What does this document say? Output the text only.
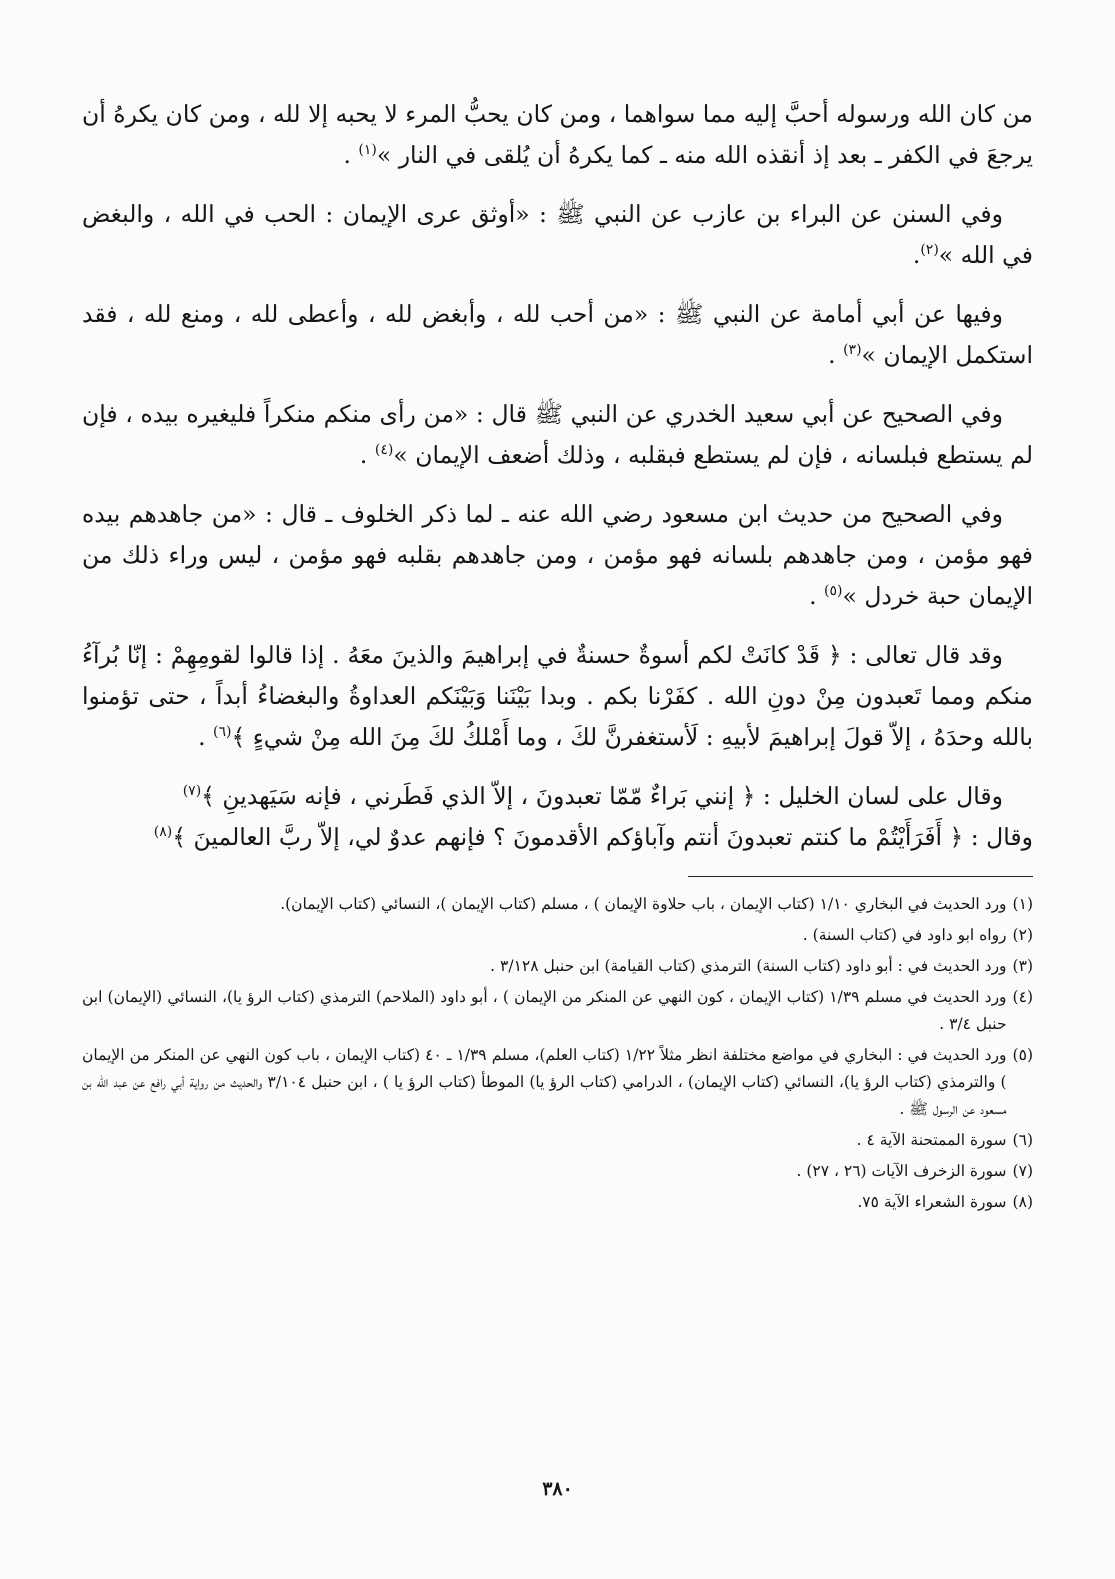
من كان الله ورسوله أحبَّ إليه مما سواهما ، ومن كان يحبُّ المرء لا يحبه إلا لله ، ومن كان يكرهُ أن يرجعَ في الكفر ـ بعد إذ أنقذه الله منه ـ كما يكرهُ أن يُلقى في النار »$^{(١)}$ .

وفي السنن عن البراء بن عازب عن النبي ﷺ : «أوثق عرى الإيمان : الحب في الله ، والبغض في الله »$^{(٢)}$.

وفيها عن أبي أمامة عن النبي ﷺ : «من أحب لله ، وأبغض لله ، وأعطى لله ، ومنع لله ، فقد استكمل الإيمان »$^{(٣)}$ .

وفي الصحيح عن أبي سعيد الخدري عن النبي ﷺ قال : «من رأى منكم منكراً فليغيره بيده ، فإن لم يستطع فبلسانه ، فإن لم يستطع فبقلبه ، وذلك أضعف الإيمان »$^{(٤)}$ .

وفي الصحيح من حديث ابن مسعود رضي الله عنه ـ لما ذكر الخلوف ـ قال : «من جاهدهم بيده فهو مؤمن ، ومن جاهدهم بلسانه فهو مؤمن ، ومن جاهدهم بقلبه فهو مؤمن ، ليس وراء ذلك من الإيمان حبة خردل »$^{(٥)}$ .

وقد قال تعالى : ﴿ قَدْ كانَتْ لكم أسوةٌ حسنةٌ في إبراهيمَ والذينَ معَهُ . إذا قالوا لقومِهِمْ : إنّا بُرآءُ منكم ومما تَعبدون مِنْ دونِ الله . كفَرْنا بكم . وبدا بَيْنَنا وَبَيْنَكم العداوةُ والبغضاءُ أبداً ، حتى تؤمنوا بالله وحدَهُ ، إلاّ قولَ إبراهيمَ لأبيهِ : لَأستغفرنَّ لكَ ، وما أَمْلكُ لكَ مِنَ الله مِنْ شيءٍ ﴾$^{(٦)}$ .

وقال على لسان الخليل : ﴿ إنني بَراءٌ مّمّا تعبدونَ ، إلاّ الذي فَطَرني ، فإنه سَيَهدينِ ﴾$^{(٧)}$
وقال : ﴿ أَفَرَأَيْتُمْ ما كنتم تعبدونَ أنتم وآباؤكم الأقدمونَ ؟ فإنهم عدوٌ لي، إلاّ ربَّ العالمينَ ﴾$^{(٨)}$

(١)
ورد الحديث في البخاري ١/١٠ (كتاب الإيمان ، باب حلاوة الإيمان ) ، مسلم (كتاب الإيمان )، النسائي (كتاب الإيمان).
(٢)
رواه ابو داود في (كتاب السنة) .
(٣)
ورد الحديث في : أبو داود (كتاب السنة) الترمذي (كتاب القيامة) ابن حنبل ٣/١٢٨ .
(٤)
ورد الحديث في مسلم ١/٣٩ (كتاب الإيمان ، كون النهي عن المنكر من الإيمان ) ، أبو داود (الملاحم) الترمذي (كتاب الرؤ يا)، النسائي (الإيمان) ابن حنبل ٣/٤ .
(٥)
ورد الحديث في : البخاري في مواضع مختلفة انظر مثلاً ١/٢٢ (كتاب العلم)، مسلم ١/٣٩ ـ ٤٠ (كتاب الإيمان ، باب كون النهي عن المنكر من الإيمان ) والترمذي (كتاب الرؤ يا)، النسائي (كتاب الإيمان) ، الدرامي (كتاب الرؤ يا) الموطأ (كتاب الرؤ يا ) ، ابن حنبل ٣/١٠٤ والحديث من رواية أبي رافع عن عبد الله بن مسعود عن الرسول ﷺ .
(٦)
سورة الممتحنة الآية ٤ .
(٧)
سورة الزخرف الآيات (٢٦ ، ٢٧) .
(٨)
سورة الشعراء الآية ٧٥.
٣٨٠
